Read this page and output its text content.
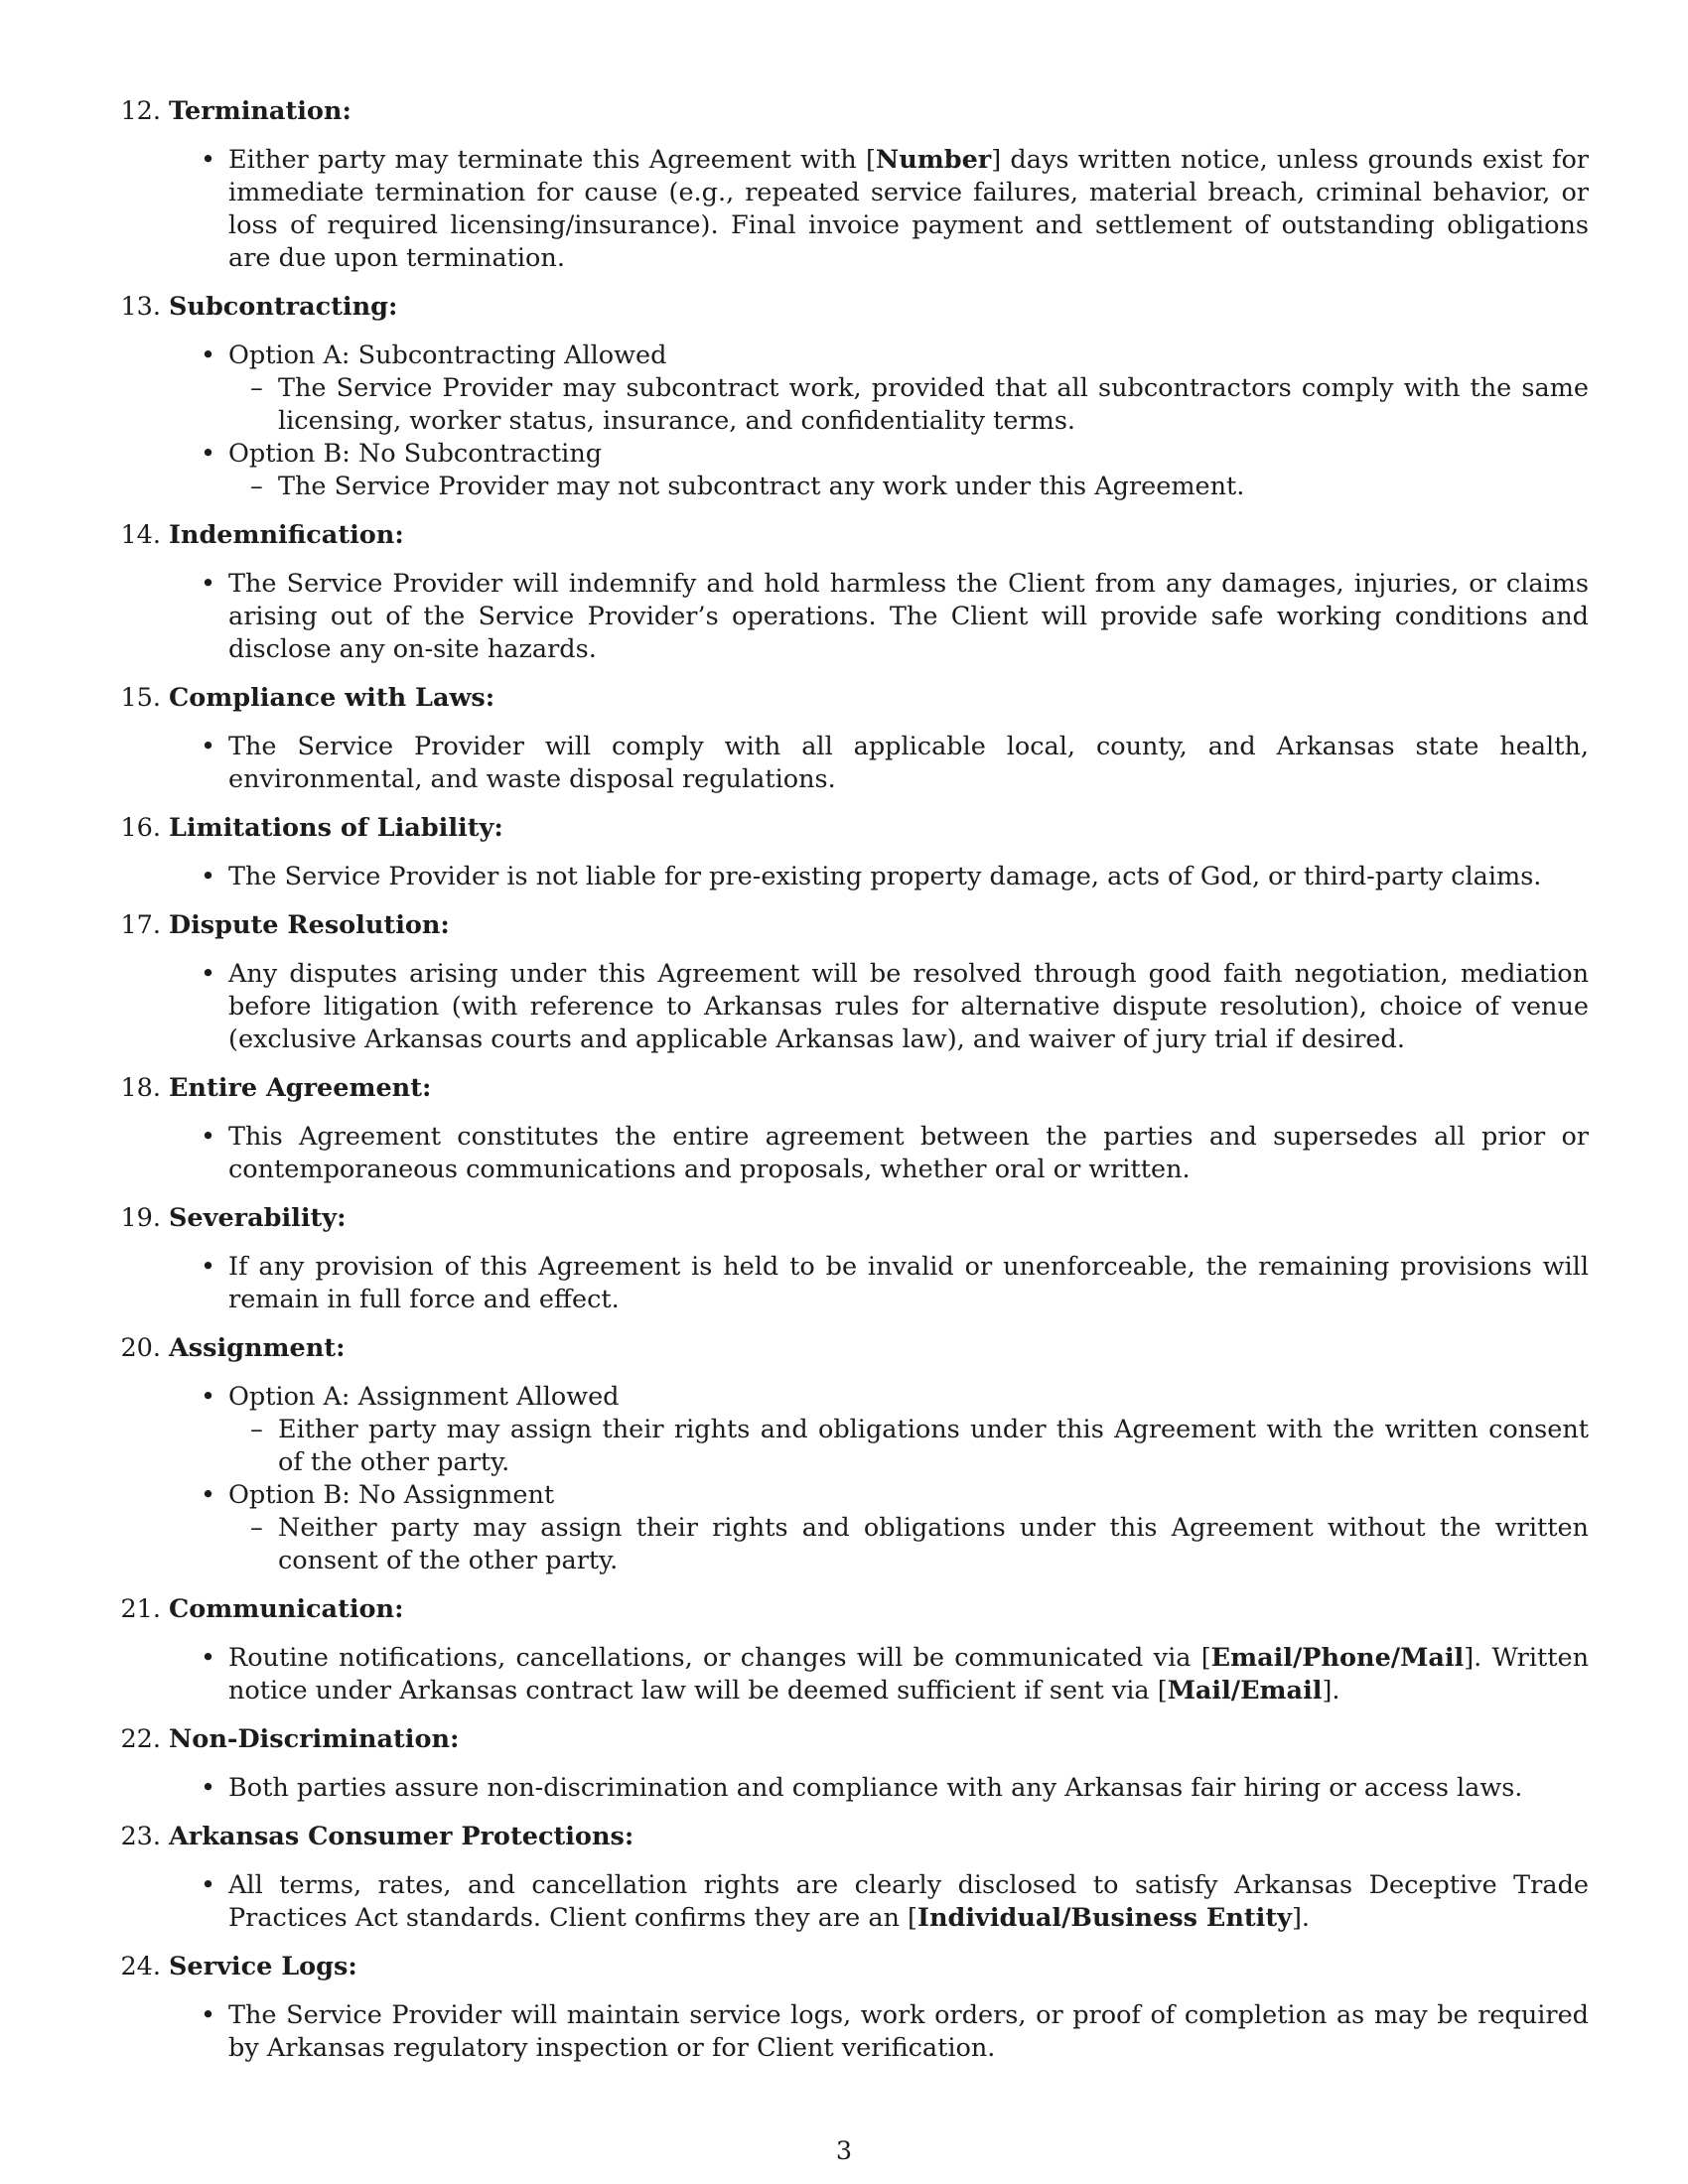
12. Termination:
• Either party may terminate this Agreement with [Number] days written notice, unless grounds exist for immediate termination for cause (e.g., repeated service failures, material breach, criminal behavior, or loss of required licensing/insurance). Final invoice payment and settlement of outstanding obligations are due upon termination.
13. Subcontracting:
• Option A: Subcontracting Allowed
– The Service Provider may subcontract work, provided that all subcontractors comply with the same licensing, worker status, insurance, and confidentiality terms.
• Option B: No Subcontracting
– The Service Provider may not subcontract any work under this Agreement.
14. Indemnification:
• The Service Provider will indemnify and hold harmless the Client from any damages, injuries, or claims arising out of the Service Provider’s operations. The Client will provide safe working conditions and disclose any on-site hazards.
15. Compliance with Laws:
• The Service Provider will comply with all applicable local, county, and Arkansas state health, environmental, and waste disposal regulations.
16. Limitations of Liability:
• The Service Provider is not liable for pre-existing property damage, acts of God, or third-party claims.
17. Dispute Resolution:
• Any disputes arising under this Agreement will be resolved through good faith negotiation, mediation before litigation (with reference to Arkansas rules for alternative dispute resolution), choice of venue (exclusive Arkansas courts and applicable Arkansas law), and waiver of jury trial if desired.
18. Entire Agreement:
• This Agreement constitutes the entire agreement between the parties and supersedes all prior or contemporaneous communications and proposals, whether oral or written.
19. Severability:
• If any provision of this Agreement is held to be invalid or unenforceable, the remaining provisions will remain in full force and effect.
20. Assignment:
• Option A: Assignment Allowed
– Either party may assign their rights and obligations under this Agreement with the written consent of the other party.
• Option B: No Assignment
– Neither party may assign their rights and obligations under this Agreement without the written consent of the other party.
21. Communication:
• Routine notifications, cancellations, or changes will be communicated via [Email/Phone/Mail]. Written notice under Arkansas contract law will be deemed sufficient if sent via [Mail/Email].
22. Non-Discrimination:
• Both parties assure non-discrimination and compliance with any Arkansas fair hiring or access laws.
23. Arkansas Consumer Protections:
• All terms, rates, and cancellation rights are clearly disclosed to satisfy Arkansas Deceptive Trade Practices Act standards. Client confirms they are an [Individual/Business Entity].
24. Service Logs:
• The Service Provider will maintain service logs, work orders, or proof of completion as may be required by Arkansas regulatory inspection or for Client verification.
3
